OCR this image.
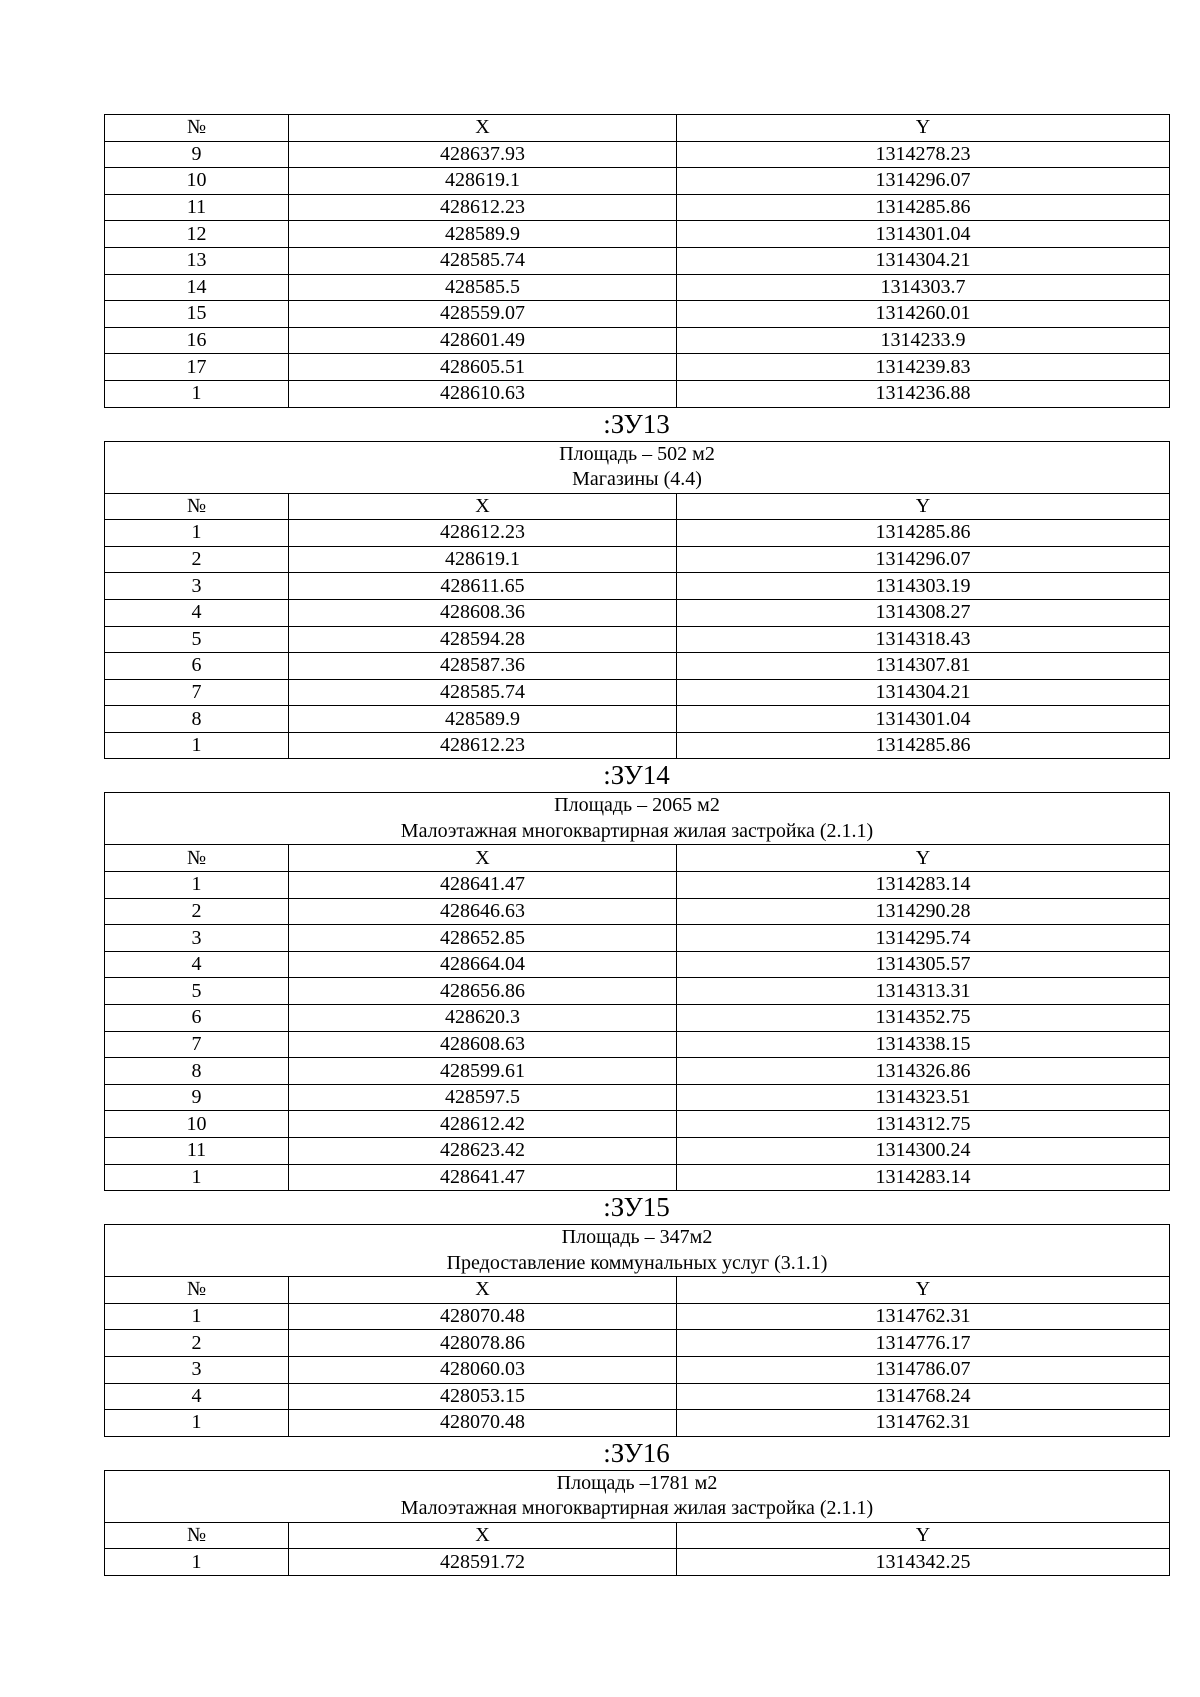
№	X	Y
9	428637.93	1314278.23
10	428619.1	1314296.07
11	428612.23	1314285.86
12	428589.9	1314301.04
13	428585.74	1314304.21
14	428585.5	1314303.7
15	428559.07	1314260.01
16	428601.49	1314233.9
17	428605.51	1314239.83
1	428610.63	1314236.88
:ЗУ13
Площадь – 502 м2
Магазины (4.4)		

№	X	Y
1	428612.23	1314285.86
2	428619.1	1314296.07
3	428611.65	1314303.19
4	428608.36	1314308.27
5	428594.28	1314318.43
6	428587.36	1314307.81
7	428585.74	1314304.21
8	428589.9	1314301.04
1	428612.23	1314285.86
:ЗУ14
Площадь – 2065 м2
Малоэтажная многоквартирная жилая застройка (2.1.1)		

№	X	Y
1	428641.47	1314283.14
2	428646.63	1314290.28
3	428652.85	1314295.74
4	428664.04	1314305.57
5	428656.86	1314313.31
6	428620.3	1314352.75
7	428608.63	1314338.15
8	428599.61	1314326.86
9	428597.5	1314323.51
10	428612.42	1314312.75
11	428623.42	1314300.24
1	428641.47	1314283.14
:ЗУ15
Площадь – 347м2
Предоставление коммунальных услуг (3.1.1)		

№	X	Y
1	428070.48	1314762.31
2	428078.86	1314776.17
3	428060.03	1314786.07
4	428053.15	1314768.24
1	428070.48	1314762.31
:ЗУ16
Площадь –1781 м2
Малоэтажная многоквартирная жилая застройка (2.1.1)		

№	X	Y
1	428591.72	1314342.25
